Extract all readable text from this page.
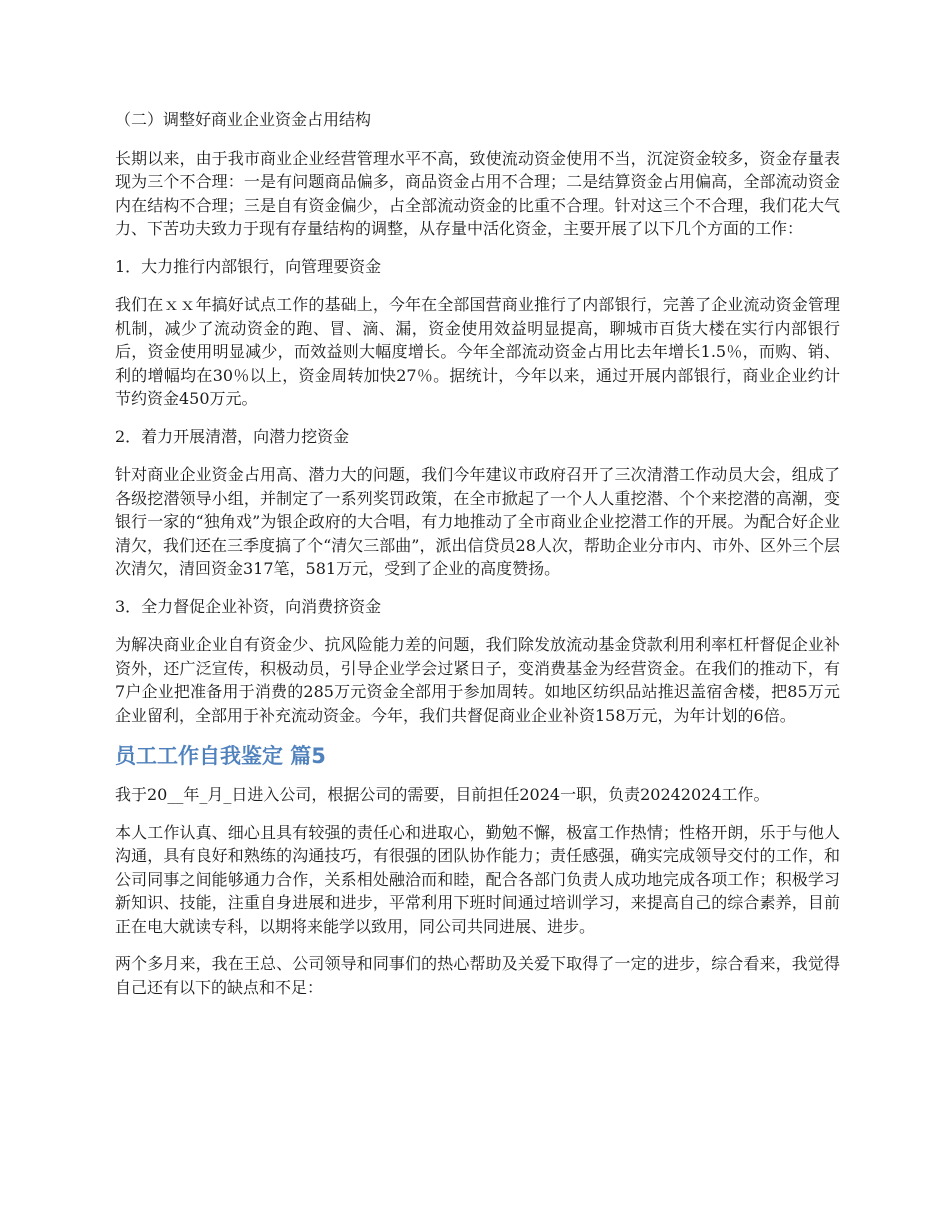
（二）调整好商业企业资金占用结构

长期以来，由于我市商业企业经营管理水平不高，致使流动资金使用不当，沉淀资金较多，资金存量表现为三个不合理：一是有问题商品偏多，商品资金占用不合理；二是结算资金占用偏高，全部流动资金内在结构不合理；三是自有资金偏少，占全部流动资金的比重不合理。针对这三个不合理，我们花大气力、下苦功夫致力于现有存量结构的调整，从存量中活化资金，主要开展了以下几个方面的工作：

1．大力推行内部银行，向管理要资金

我们在ｘｘ年搞好试点工作的基础上，今年在全部国营商业推行了内部银行，完善了企业流动资金管理机制，减少了流动资金的跑、冒、滴、漏，资金使用效益明显提高，聊城市百货大楼在实行内部银行后，资金使用明显减少，而效益则大幅度增长。今年全部流动资金占用比去年增长1.5％，而购、销、利的增幅均在30％以上，资金周转加快27％。据统计，今年以来，通过开展内部银行，商业企业约计节约资金450万元。

2．着力开展清潜，向潜力挖资金

针对商业企业资金占用高、潜力大的问题，我们今年建议市政府召开了三次清潜工作动员大会，组成了各级挖潜领导小组，并制定了一系列奖罚政策，在全市掀起了一个人人重挖潜、个个来挖潜的高潮，变银行一家的“独角戏”为银企政府的大合唱，有力地推动了全市商业企业挖潜工作的开展。为配合好企业清欠，我们还在三季度搞了个“清欠三部曲”，派出信贷员28人次，帮助企业分市内、市外、区外三个层次清欠，清回资金317笔，581万元，受到了企业的高度赞扬。

3．全力督促企业补资，向消费挤资金

为解决商业企业自有资金少、抗风险能力差的问题，我们除发放流动基金贷款利用利率杠杆督促企业补资外，还广泛宣传，积极动员，引导企业学会过紧日子，变消费基金为经营资金。在我们的推动下，有7户企业把准备用于消费的285万元资金全部用于参加周转。如地区纺织品站推迟盖宿舍楼，把85万元企业留利，全部用于补充流动资金。今年，我们共督促商业企业补资158万元，为年计划的6倍。

员工工作自我鉴定 篇5

我于20__年_月_日进入公司，根据公司的需要，目前担任2024一职，负责20242024工作。

本人工作认真、细心且具有较强的责任心和进取心，勤勉不懈，极富工作热情；性格开朗，乐于与他人沟通，具有良好和熟练的沟通技巧，有很强的团队协作能力；责任感强，确实完成领导交付的工作，和公司同事之间能够通力合作，关系相处融洽而和睦，配合各部门负责人成功地完成各项工作；积极学习新知识、技能，注重自身进展和进步，平常利用下班时间通过培训学习，来提高自己的综合素养，目前正在电大就读专科，以期将来能学以致用，同公司共同进展、进步。

两个多月来，我在王总、公司领导和同事们的热心帮助及关爱下取得了一定的进步，综合看来，我觉得自己还有以下的缺点和不足：
